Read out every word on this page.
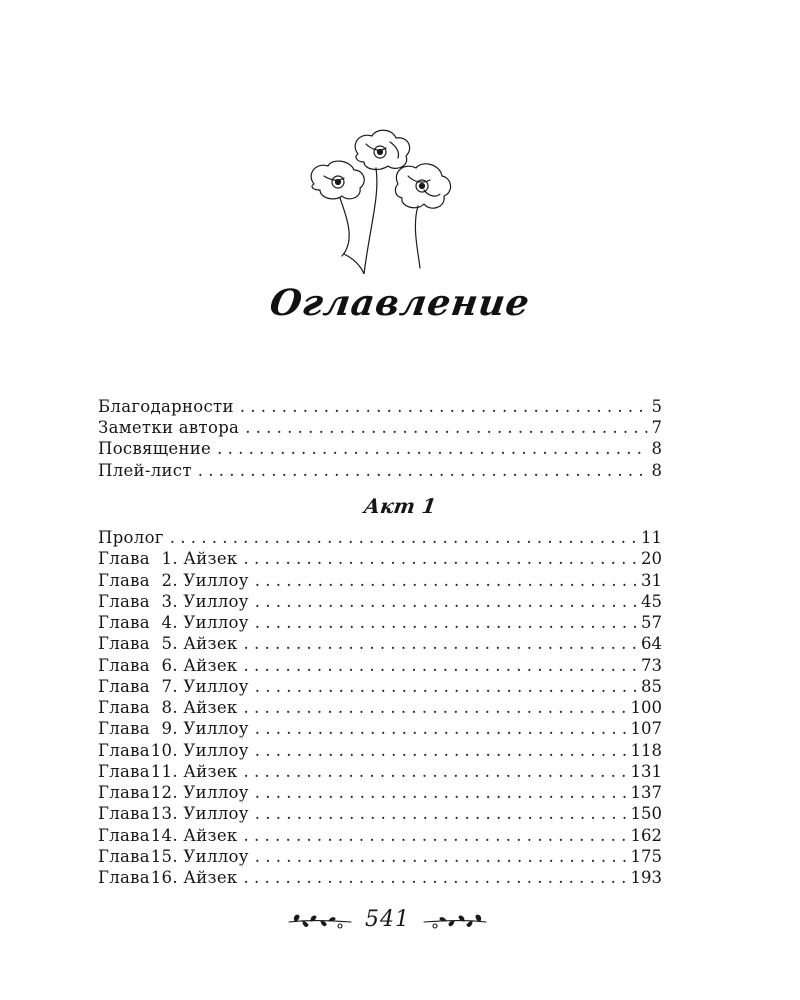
Оглавление
Благодарности . . .	5
Заметки автора . . .	7
Посвящение . . .	8
Плей-лист . . .	8
Акт 1
Пролог . . .	11
Глава 1. Айзек . . .	20
Глава 2. Уиллоу . . .	31
Глава 3. Уиллоу . . .	45
Глава 4. Уиллоу . . .	57
Глава 5. Айзек . . .	64
Глава 6. Айзек . . .	73
Глава 7. Уиллоу . . .	85
Глава 8. Айзек . . .	100
Глава 9. Уиллоу . . .	107
Глава10. Уиллоу . . .	118
Глава11. Айзек . . .	131
Глава12. Уиллоу . . .	137
Глава13. Уиллоу . . .	150
Глава14. Айзек . . .	162
Глава15. Уиллоу . . .	175
Глава16. Айзек . . .	193
541
